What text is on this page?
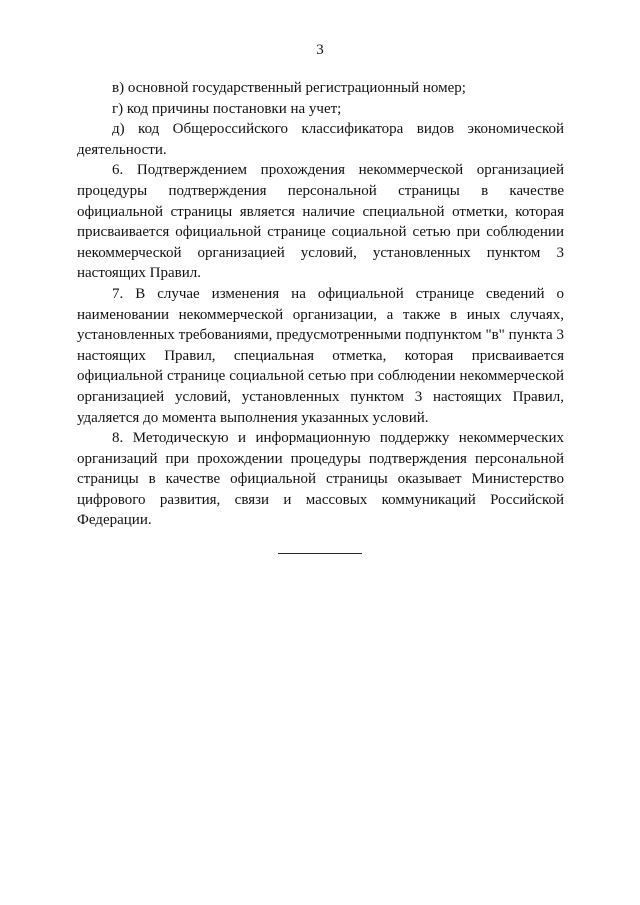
3

в) основной государственный регистрационный номер;

г) код причины постановки на учет;

д) код Общероссийского классификатора видов экономической деятельности.

6. Подтверждением прохождения некоммерческой организацией процедуры подтверждения персональной страницы в качестве официальной страницы является наличие специальной отметки, которая присваивается официальной странице социальной сетью при соблюдении некоммерческой организацией условий, установленных пунктом 3 настоящих Правил.

7. В случае изменения на официальной странице сведений о наименовании некоммерческой организации, а также в иных случаях, установленных требованиями, предусмотренными подпунктом "в" пункта 3 настоящих Правил, специальная отметка, которая присваивается официальной странице социальной сетью при соблюдении некоммерческой организацией условий, установленных пунктом 3 настоящих Правил, удаляется до момента выполнения указанных условий.

8. Методическую и информационную поддержку некоммерческих организаций при прохождении процедуры подтверждения персональной страницы в качестве официальной страницы оказывает Министерство цифрового развития, связи и массовых коммуникаций Российской Федерации.
